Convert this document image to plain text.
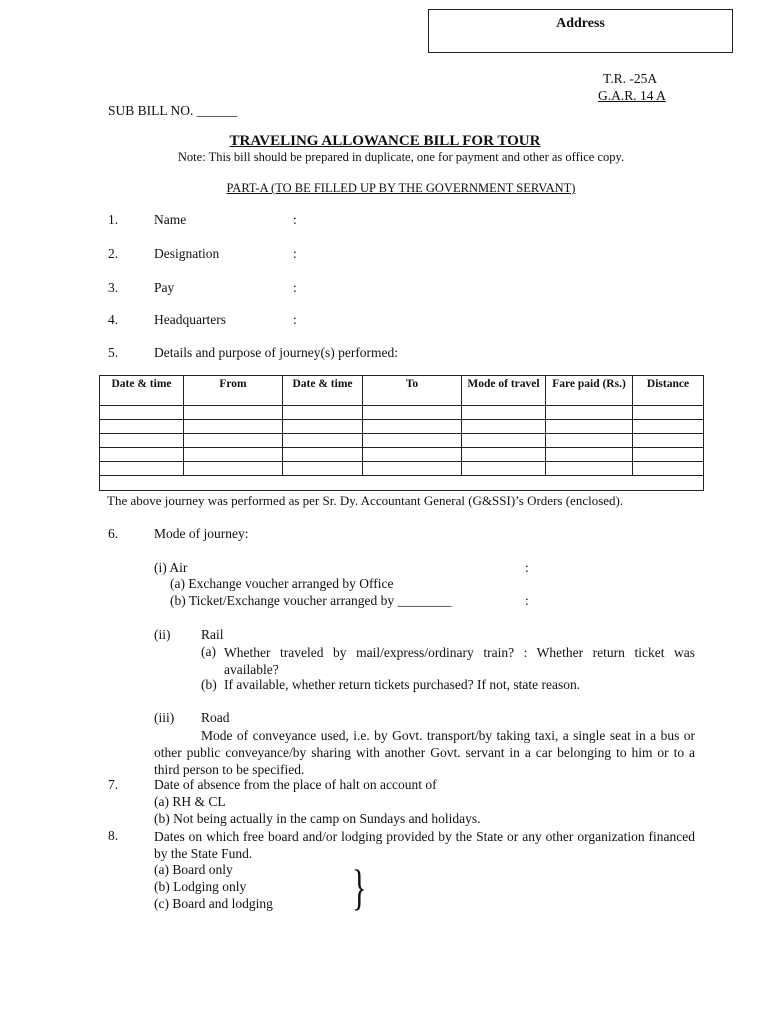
Address
T.R. -25A
G.A.R. 14 A
SUB BILL NO. ______
TRAVELING ALLOWANCE BILL FOR TOUR
Note: This bill should be prepared in duplicate, one for payment and other as office copy.
PART-A (TO BE FILLED UP BY THE GOVERNMENT SERVANT)
1.	Name	:
2.	Designation	:
3.	Pay	:
4.	Headquarters	:
5.	Details and purpose of journey(s) performed:
Date & time	From	Date & time	To	Mode of travel	Fare paid (Rs.)	Distance

The above journey was performed as per Sr. Dy. Accountant General (G&SSI)’s Orders (enclosed).
6.	Mode of journey:
(i) Air	:
(a) Exchange voucher arranged by Office
(b) Ticket/Exchange voucher arranged by ________	:
(ii) Rail
(a) Whether traveled by mail/express/ordinary train? : Whether return ticket was available?
(b) If available, whether return tickets purchased? If not, state reason.
(iii) Road
Mode of conveyance used, i.e. by Govt. transport/by taking taxi, a single seat in a bus or other public conveyance/by sharing with another Govt. servant in a car belonging to him or to a third person to be specified.
7.	Date of absence from the place of halt on account of
(a) RH & CL
(b) Not being actually in the camp on Sundays and holidays.
8.	Dates on which free board and/or lodging provided by the State or any other organization financed by the State Fund.
(a) Board only
(b) Lodging only
(c) Board and lodging }
